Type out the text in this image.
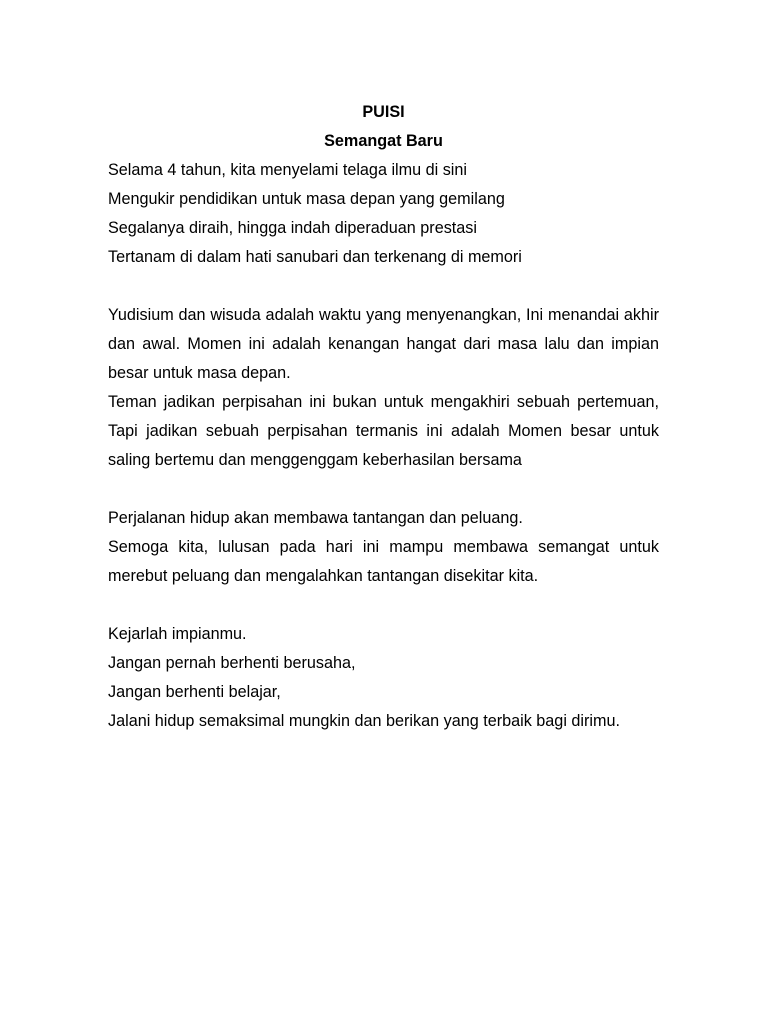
PUISI

Semangat Baru

Selama 4 tahun, kita menyelami telaga ilmu di sini

Mengukir pendidikan untuk masa depan yang gemilang

Segalanya diraih, hingga indah diperaduan prestasi

Tertanam di dalam hati sanubari dan terkenang di memori

Yudisium dan wisuda adalah waktu yang menyenangkan, Ini menandai akhir dan awal. Momen ini adalah kenangan hangat dari masa lalu dan impian besar untuk masa depan.

Teman jadikan perpisahan ini bukan untuk mengakhiri sebuah pertemuan, Tapi jadikan sebuah perpisahan termanis ini adalah Momen besar untuk saling bertemu dan menggenggam keberhasilan bersama

Perjalanan hidup akan membawa tantangan dan peluang.

Semoga kita, lulusan pada hari ini mampu membawa semangat untuk merebut peluang dan mengalahkan tantangan disekitar kita.

Kejarlah impianmu.

Jangan pernah berhenti berusaha,

Jangan berhenti belajar,

Jalani hidup semaksimal mungkin dan berikan yang terbaik bagi dirimu.
